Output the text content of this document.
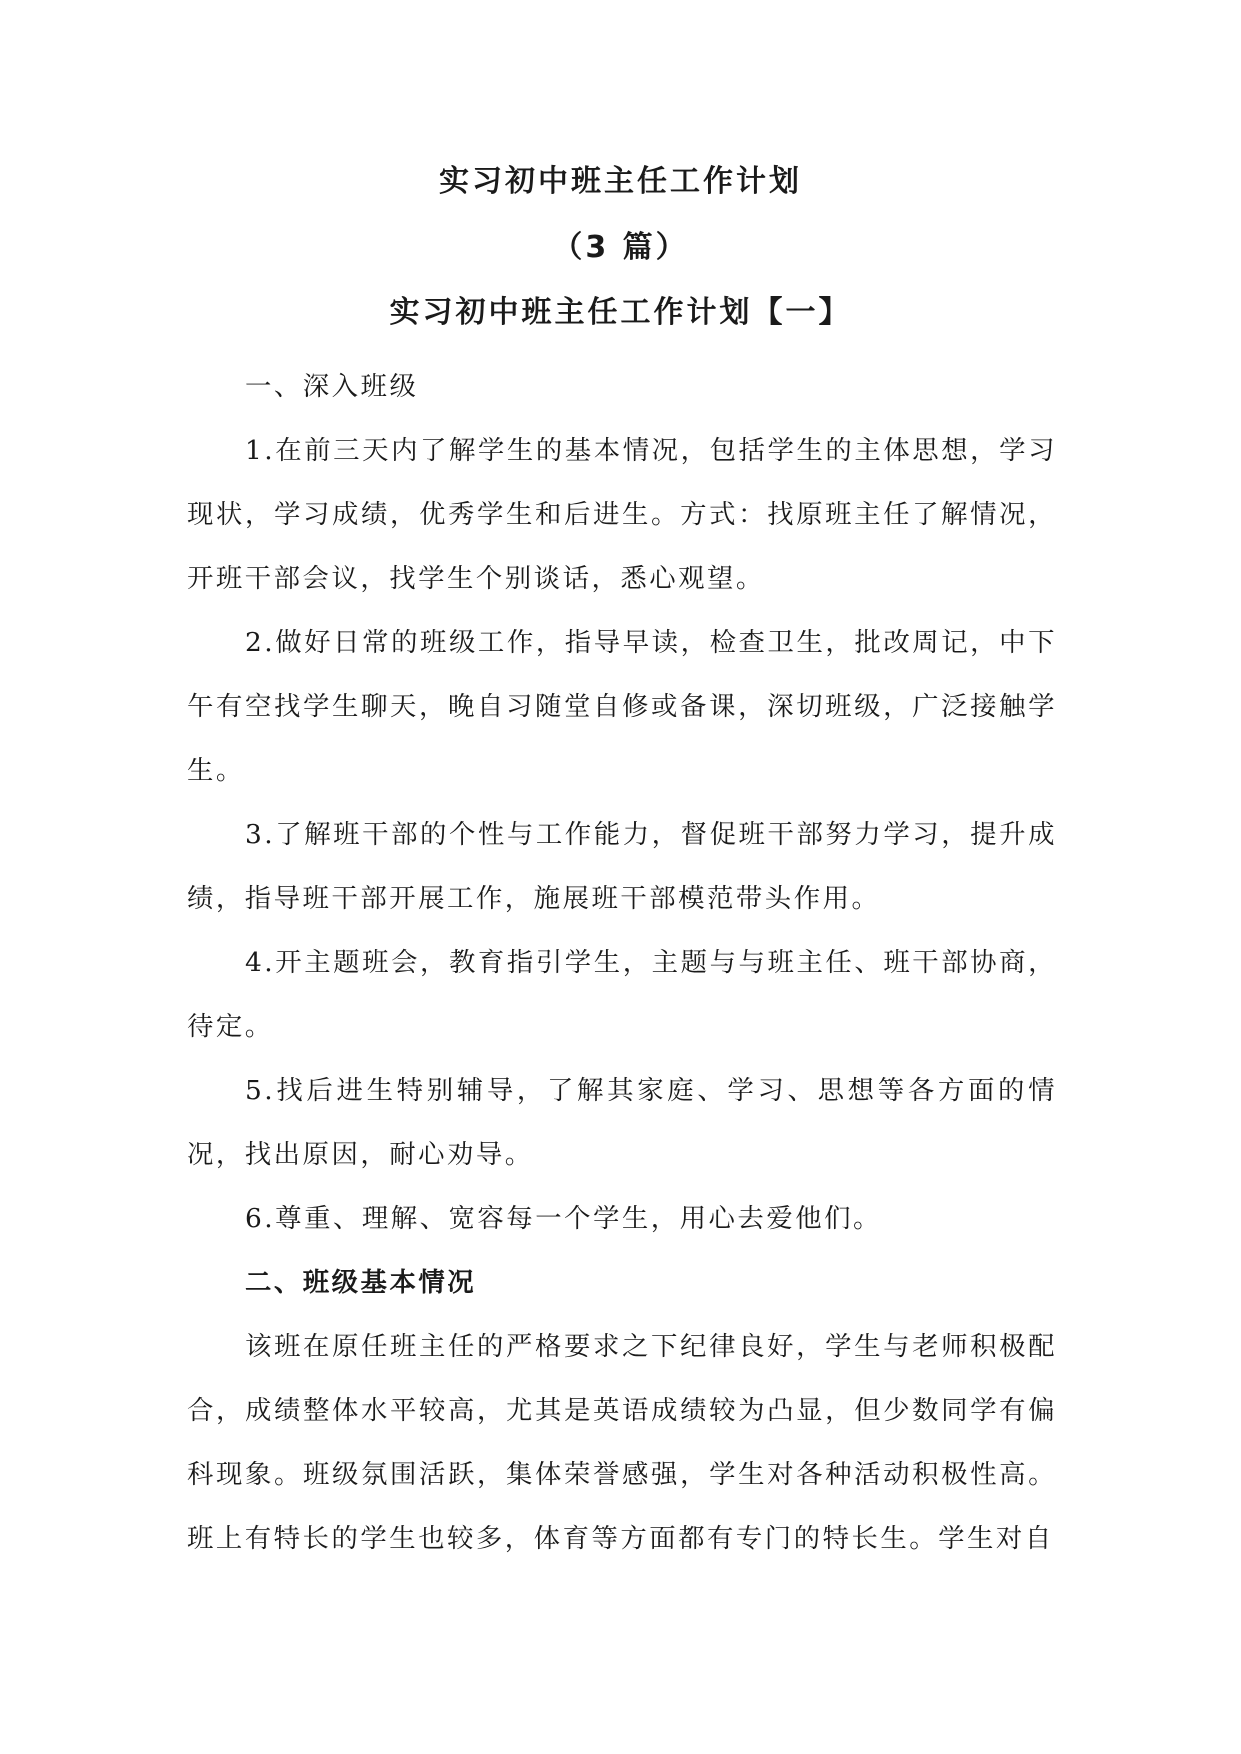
实习初中班主任工作计划
（3 篇）
实习初中班主任工作计划【一】

一、深入班级

1.在前三天内了解学生的基本情况，包括学生的主体思想，学习现状，学习成绩，优秀学生和后进生。方式：找原班主任了解情况，开班干部会议，找学生个别谈话，悉心观望。

2.做好日常的班级工作，指导早读，检查卫生，批改周记，中下午有空找学生聊天，晚自习随堂自修或备课，深切班级，广泛接触学生。

3.了解班干部的个性与工作能力，督促班干部努力学习，提升成绩，指导班干部开展工作，施展班干部模范带头作用。

4.开主题班会，教育指引学生，主题与与班主任、班干部协商，待定。

5.找后进生特别辅导，了解其家庭、学习、思想等各方面的情况，找出原因，耐心劝导。

6.尊重、理解、宽容每一个学生，用心去爱他们。

二、班级基本情况

该班在原任班主任的严格要求之下纪律良好，学生与老师积极配合，成绩整体水平较高，尤其是英语成绩较为凸显，但少数同学有偏科现象。班级氛围活跃，集体荣誉感强，学生对各种活动积极性高。班上有特长的学生也较多，体育等方面都有专门的特长生。学生对自
